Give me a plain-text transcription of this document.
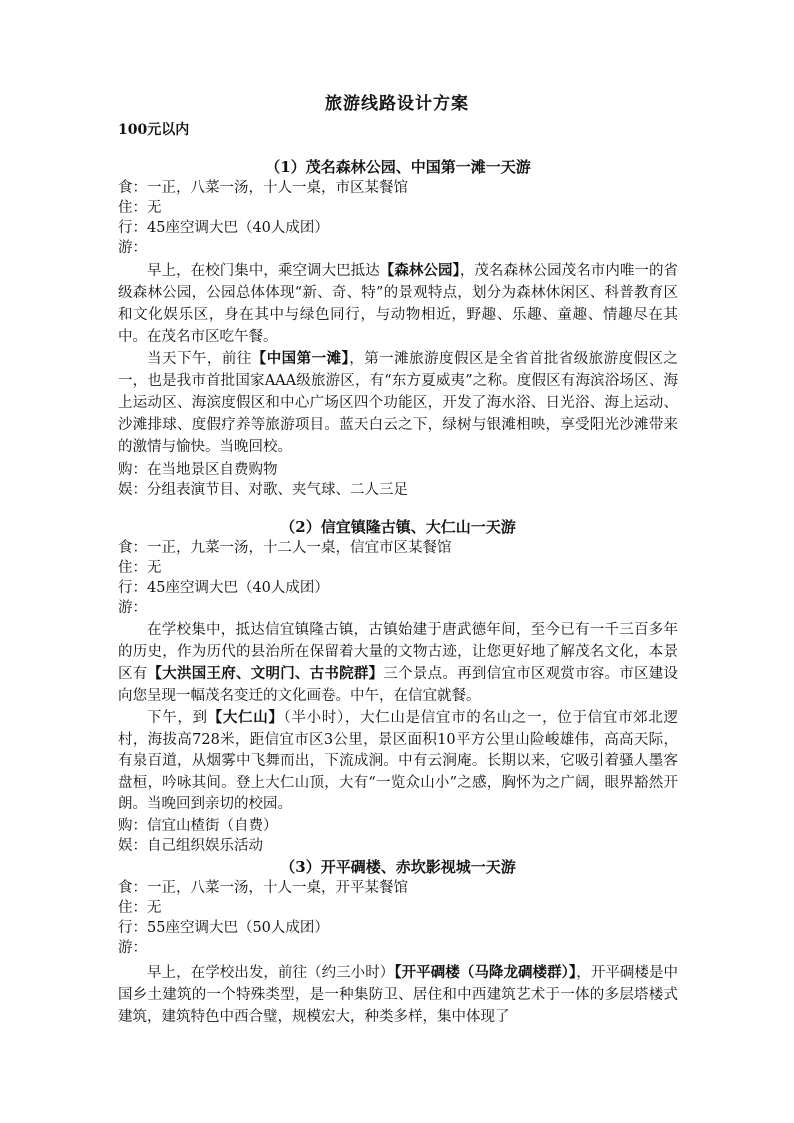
旅游线路设计方案
100元以内
（1）茂名森林公园、中国第一滩一天游
食：一正，八菜一汤，十人一桌，市区某餐馆
住：无
行：45座空调大巴（40人成团）
游：
早上，在校门集中，乘空调大巴抵达【森林公园】，茂名森林公园茂名市内唯一的省级森林公园，公园总体体现“新、奇、特”的景观特点，划分为森林休闲区、科普教育区和文化娱乐区，身在其中与绿色同行，与动物相近，野趣、乐趣、童趣、情趣尽在其中。在茂名市区吃午餐。
当天下午，前往【中国第一滩】，第一滩旅游度假区是全省首批省级旅游度假区之一，也是我市首批国家AAA级旅游区，有“东方夏威夷”之称。度假区有海滨浴场区、海上运动区、海滨度假区和中心广场区四个功能区，开发了海水浴、日光浴、海上运动、沙滩排球、度假疗养等旅游项目。蓝天白云之下，绿树与银滩相映，享受阳光沙滩带来的激情与愉快。当晚回校。
购：在当地景区自费购物
娱：分组表演节目、对歌、夹气球、二人三足
（2）信宜镇隆古镇、大仁山一天游
食：一正，九菜一汤，十二人一桌，信宜市区某餐馆
住：无
行：45座空调大巴（40人成团）
游：
在学校集中，抵达信宜镇隆古镇，古镇始建于唐武德年间，至今已有一千三百多年的历史，作为历代的县治所在保留着大量的文物古迹，让您更好地了解茂名文化，本景区有【大洪国王府、文明门、古书院群】三个景点。再到信宜市区观赏市容。市区建设向您呈现一幅茂名变迁的文化画卷。中午，在信宜就餐。
下午，到【大仁山】（半小时），大仁山是信宜市的名山之一，位于信宜市郊北逻村，海拔高728米，距信宜市区3公里，景区面积10平方公里山险峻雄伟，高高天际，有泉百道，从烟雾中飞舞而出，下流成涧。中有云涧庵。长期以来，它吸引着骚人墨客盘桓，吟咏其间。登上大仁山顶，大有“一览众山小”之感，胸怀为之广阔，眼界豁然开朗。当晚回到亲切的校园。
购：信宜山楂街（自费）
娱：自己组织娱乐活动
（3）开平碉楼、赤坎影视城一天游
食：一正，八菜一汤，十人一桌，开平某餐馆
住：无
行：55座空调大巴（50人成团）
游：
早上，在学校出发，前往（约三小时）【开平碉楼（马降龙碉楼群）】，开平碉楼是中国乡土建筑的一个特殊类型，是一种集防卫、居住和中西建筑艺术于一体的多层塔楼式建筑，建筑特色中西合璧，规模宏大，种类多样，集中体现了
